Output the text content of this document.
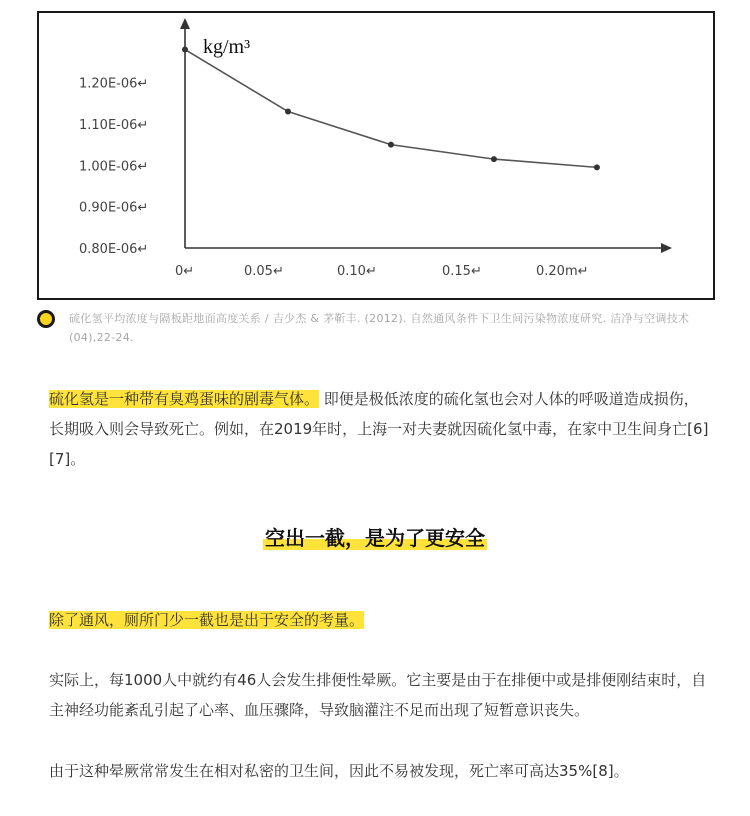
kg/m³
1.20E-06↵
1.10E-06↵
1.00E-06↵
0.90E-06↵
0.80E-06↵
0↵	0.05↵	0.10↵	0.15↵	0.20m↵
硫化氢平均浓度与隔板距地面高度关系 / 吉少杰 & 茅靳丰. (2012). 自然通风条件下卫生间污染物浓度研究. 洁净与空调技术(04),22-24.
硫化氢是一种带有臭鸡蛋味的剧毒气体。 即便是极低浓度的硫化氢也会对人体的呼吸道造成损伤，长期吸入则会导致死亡。例如，在2019年时，上海一对夫妻就因硫化氢中毒，在家中卫生间身亡[6][7]。
空出一截，是为了更安全
除了通风，厕所门少一截也是出于安全的考量。
实际上，每1000人中就约有46人会发生排便性晕厥。它主要是由于在排便中或是排便刚结束时，自主神经功能紊乱引起了心率、血压骤降，导致脑灌注不足而出现了短暂意识丧失。
由于这种晕厥常常发生在相对私密的卫生间，因此不易被发现，死亡率可高达35%[8]。
